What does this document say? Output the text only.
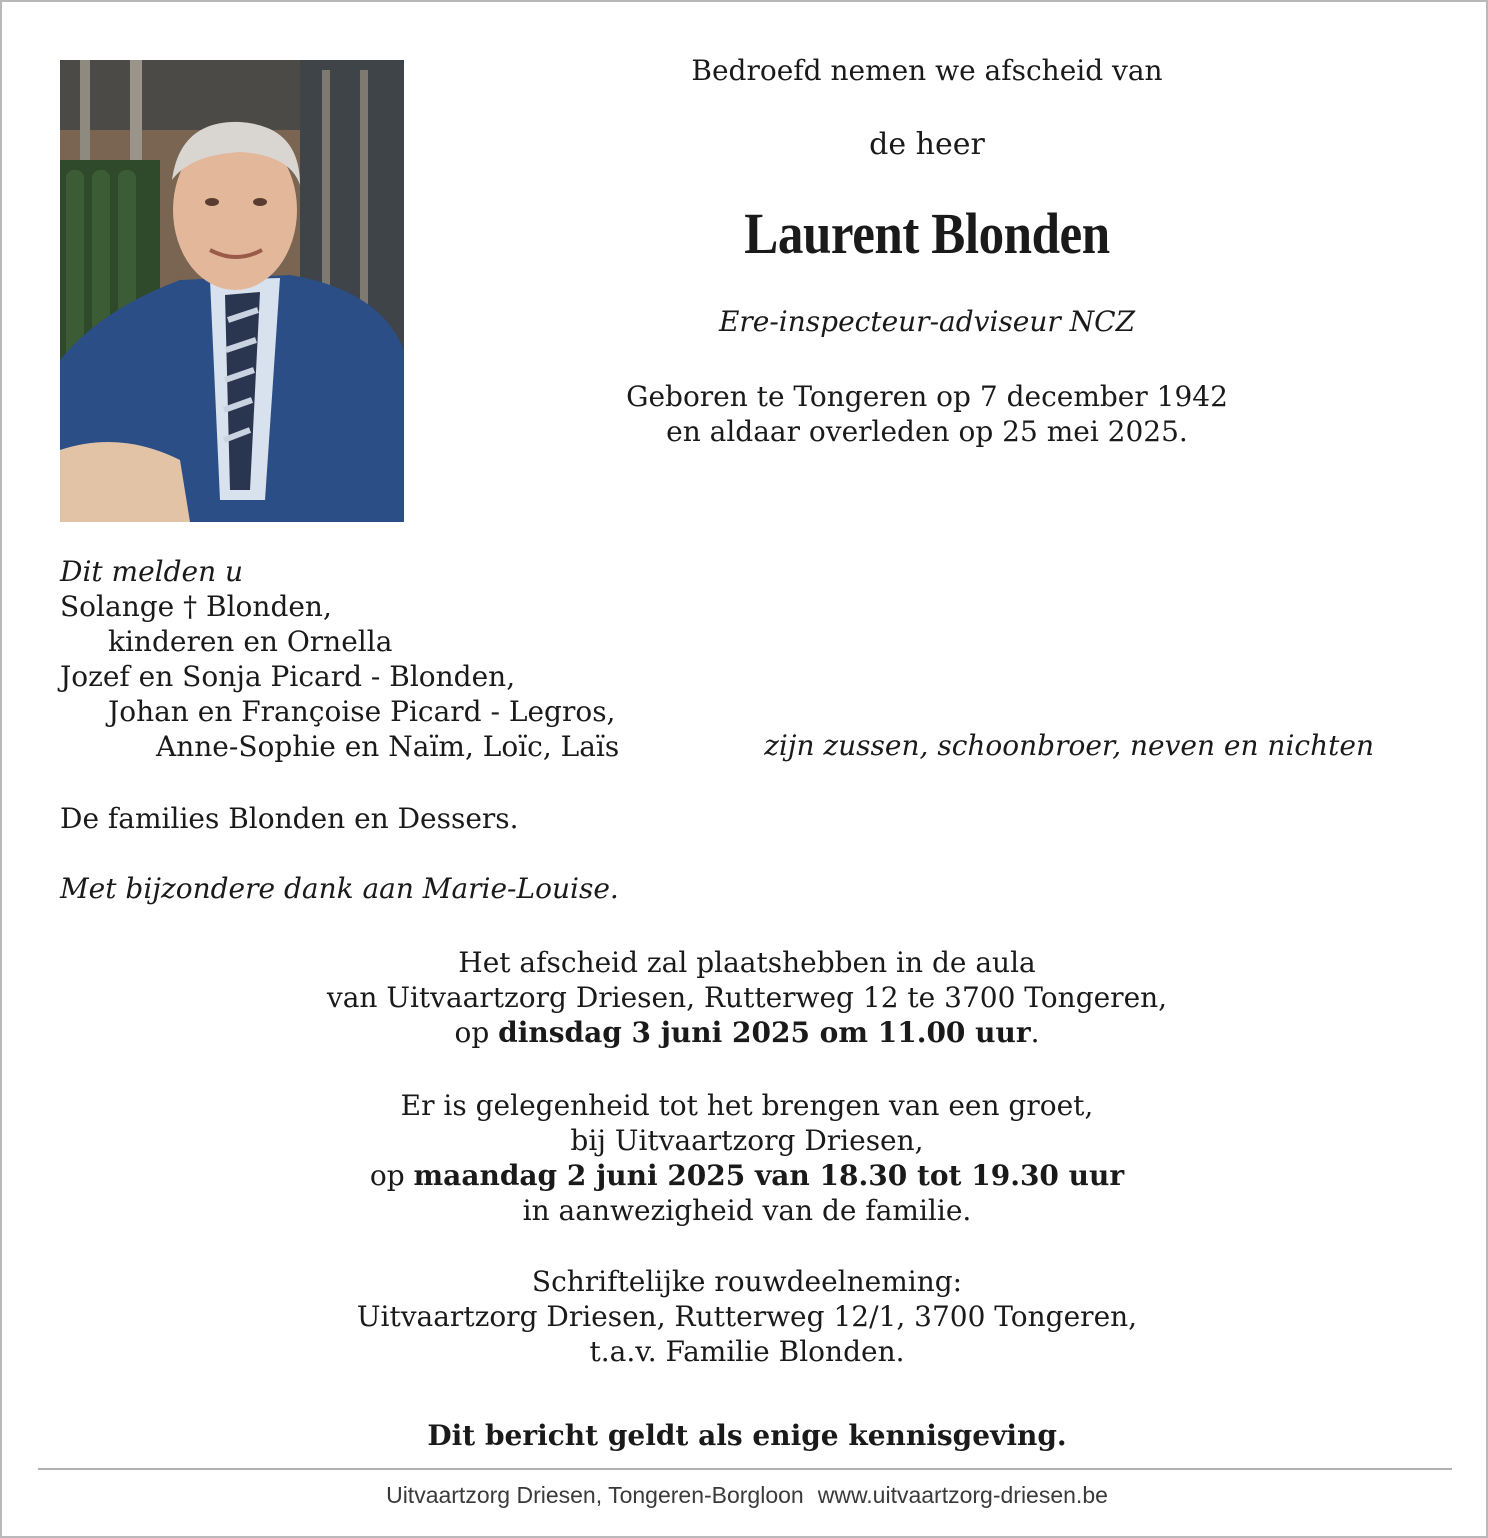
Bedroefd nemen we afscheid van
de heer
Laurent Blonden
Ere-inspecteur-adviseur NCZ
Geboren te Tongeren op 7 december 1942
en aldaar overleden op 25 mei 2025.
Dit melden u
Solange † Blonden,
kinderen en Ornella
Jozef en Sonja Picard - Blonden,
Johan en Françoise Picard - Legros,
Anne-Sophie en Naïm, Loïc, Laïs	zijn zussen, schoonbroer, neven en nichten
De families Blonden en Dessers.
Met bijzondere dank aan Marie-Louise.
Het afscheid zal plaatshebben in de aula
van Uitvaartzorg Driesen, Rutterweg 12 te 3700 Tongeren,
op dinsdag 3 juni 2025 om 11.00 uur.
Er is gelegenheid tot het brengen van een groet,
bij Uitvaartzorg Driesen,
op maandag 2 juni 2025 van 18.30 tot 19.30 uur
in aanwezigheid van de familie.
Schriftelijke rouwdeelneming:
Uitvaartzorg Driesen, Rutterweg 12/1, 3700 Tongeren,
t.a.v. Familie Blonden.
Dit bericht geldt als enige kennisgeving.
Uitvaartzorg Driesen, Tongeren-Borgloon www.uitvaartzorg-driesen.be
